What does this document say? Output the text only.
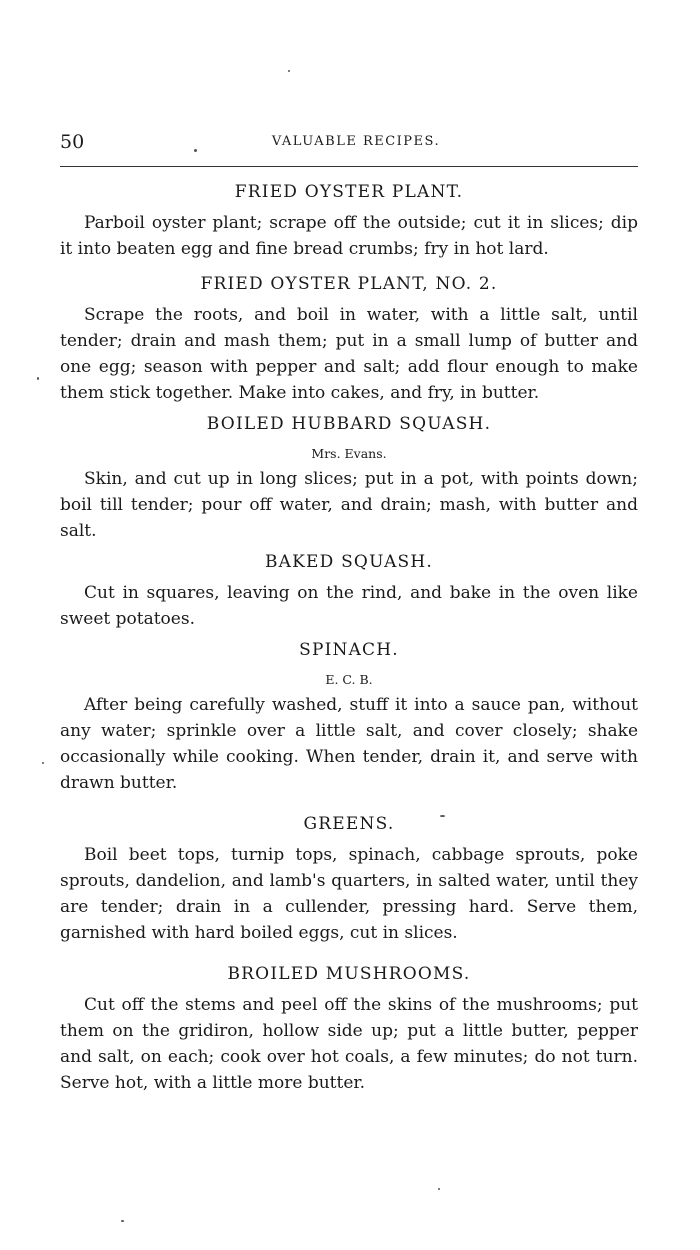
50	VALUABLE RECIPES.
FRIED OYSTER PLANT.

Parboil oyster plant; scrape off the outside; cut it in slices; dip it into beaten egg and fine bread crumbs; fry in hot lard.

FRIED OYSTER PLANT, NO. 2.

Scrape the roots, and boil in water, with a little salt, until tender; drain and mash them; put in a small lump of butter and one egg; season with pepper and salt; add flour enough to make them stick together. Make into cakes, and fry, in butter.

BOILED HUBBARD SQUASH.

Mrs. Evans.

Skin, and cut up in long slices; put in a pot, with points down; boil till tender; pour off water, and drain; mash, with butter and salt.

BAKED SQUASH.

Cut in squares, leaving on the rind, and bake in the oven like sweet potatoes.

SPINACH.

E. C. B.

After being carefully washed, stuff it into a sauce pan, without any water; sprinkle over a little salt, and cover closely; shake occasionally while cooking. When tender, drain it, and serve with drawn butter.

GREENS.

Boil beet tops, turnip tops, spinach, cabbage sprouts, poke sprouts, dandelion, and lamb's quarters, in salted water, until they are tender; drain in a cullender, pressing hard. Serve them, garnished with hard boiled eggs, cut in slices.

BROILED MUSHROOMS.

Cut off the stems and peel off the skins of the mushrooms; put them on the gridiron, hollow side up; put a little butter, pepper and salt, on each; cook over hot coals, a few minutes; do not turn. Serve hot, with a little more butter.
